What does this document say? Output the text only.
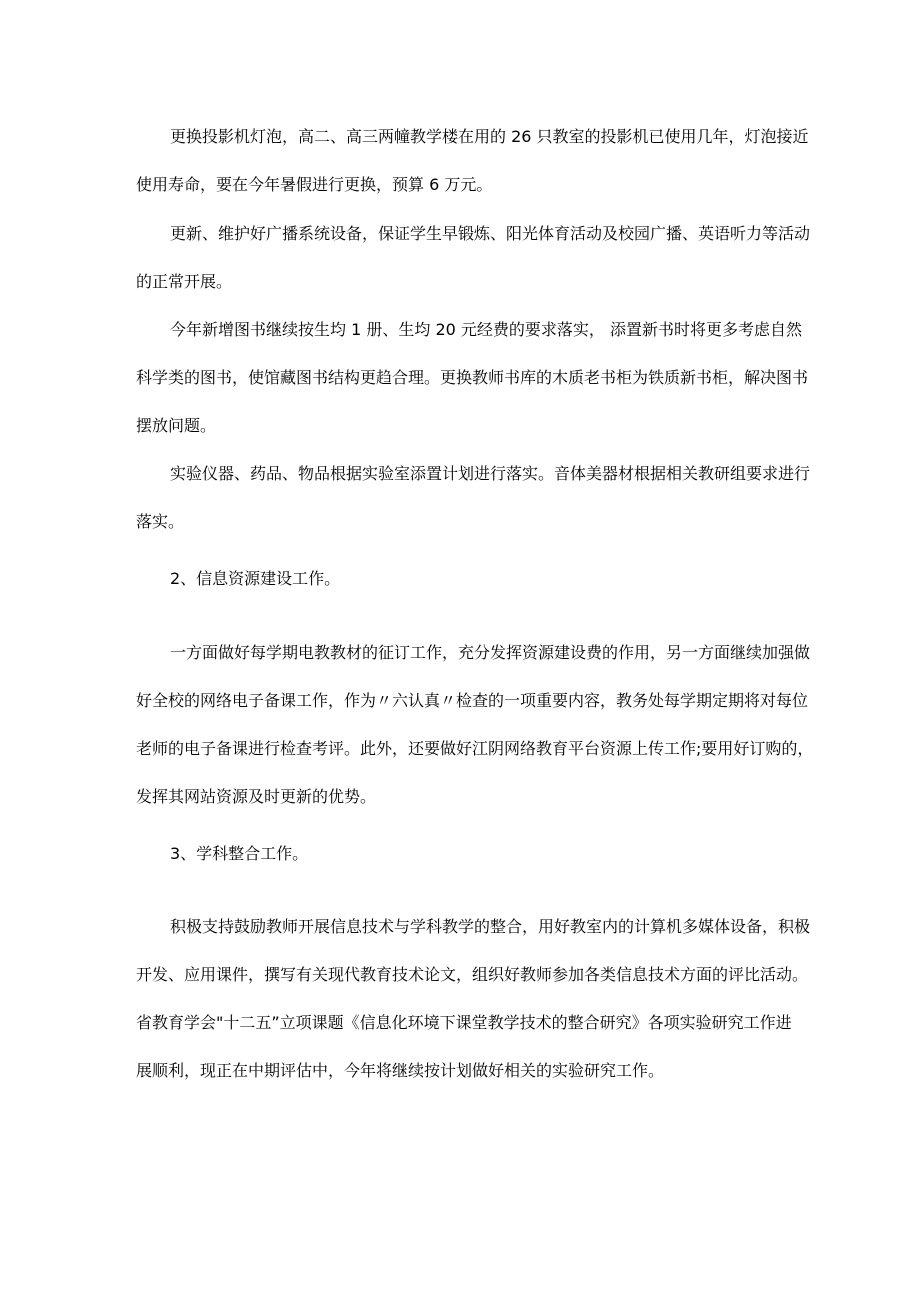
更换投影机灯泡，高二、高三两幢教学楼在用的 26 只教室的投影机已使用几年，灯泡接近
使用寿命，要在今年暑假进行更换，预算 6 万元。
更新、维护好广播系统设备，保证学生早锻炼、阳光体育活动及校园广播、英语听力等活动
的正常开展。
今年新增图书继续按生均 1 册、生均 20 元经费的要求落实， 添置新书时将更多考虑自然
科学类的图书，使馆藏图书结构更趋合理。更换教师书库的木质老书柜为铁质新书柜，解决图书
摆放问题。
实验仪器、药品、物品根据实验室添置计划进行落实。音体美器材根据相关教研组要求进行
落实。
2、信息资源建设工作。
一方面做好每学期电教教材的征订工作，充分发挥资源建设费的作用，另一方面继续加强做
好全校的网络电子备课工作，作为〃六认真〃检查的一项重要内容，教务处每学期定期将对每位
老师的电子备课进行检查考评。此外，还要做好江阴网络教育平台资源上传工作;要用好订购的，
发挥其网站资源及时更新的优势。
3、学科整合工作。
积极支持鼓励教师开展信息技术与学科教学的整合，用好教室内的计算机多媒体设备，积极
开发、应用课件，撰写有关现代教育技术论文，组织好教师参加各类信息技术方面的评比活动。
省教育学会"十二五”立项课题《信息化环境下课堂教学技术的整合研究》各项实验研究工作进
展顺利，现正在中期评估中，今年将继续按计划做好相关的实验研究工作。
